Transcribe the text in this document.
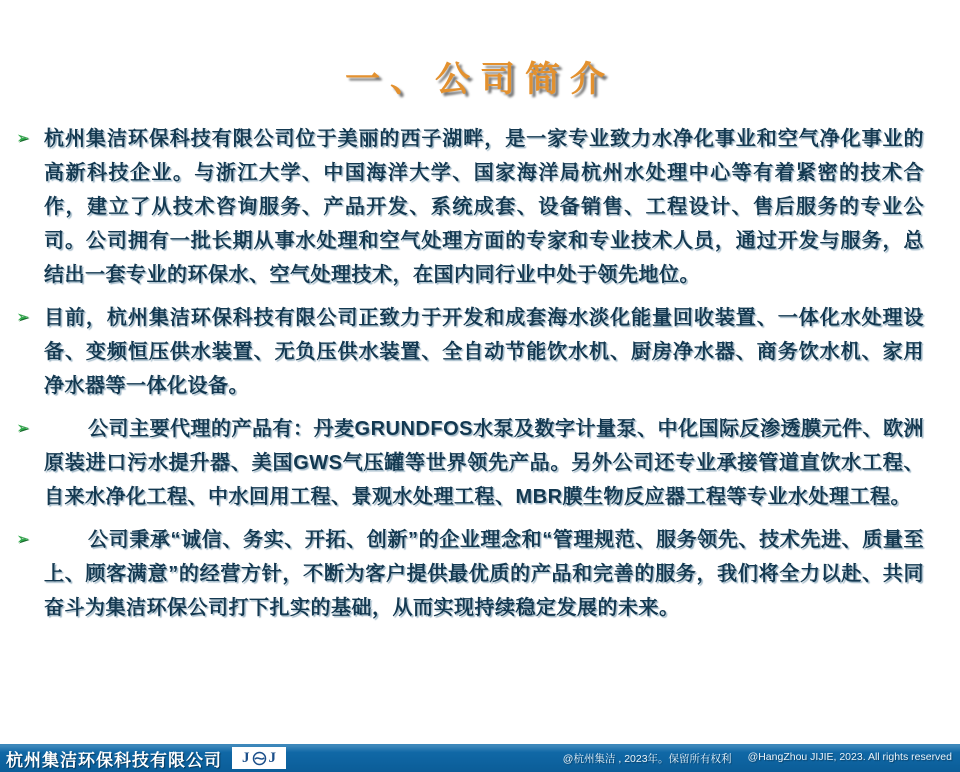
一、公司简介
➢ 杭州集洁环保科技有限公司位于美丽的西子湖畔，是一家专业致力水净化事业和空气净化事业的高新科技企业。与浙江大学、中国海洋大学、国家海洋局杭州水处理中心等有着紧密的技术合作，建立了从技术咨询服务、产品开发、系统成套、设备销售、工程设计、售后服务的专业公司。公司拥有一批长期从事水处理和空气处理方面的专家和专业技术人员，通过开发与服务，总结出一套专业的环保水、空气处理技术，在国内同行业中处于领先地位。
➢ 目前，杭州集洁环保科技有限公司正致力于开发和成套海水淡化能量回收装置、一体化水处理设备、变频恒压供水装置、无负压供水装置、全自动节能饮水机、厨房净水器、商务饮水机、家用净水器等一体化设备。
➢	公司主要代理的产品有：丹麦GRUNDFOS水泵及数字计量泵、中化国际反渗透膜元件、欧洲原装进口污水提升器、美国GWS气压罐等世界领先产品。另外公司还专业承接管道直饮水工程、自来水净化工程、中水回用工程、景观水处理工程、MBR膜生物反应器工程等专业水处理工程。
➢	公司秉承“诚信、务实、开拓、创新”的企业理念和“管理规范、服务领先、技术先进、质量至上、顾客满意”的经营方针，不断为客户提供最优质的产品和完善的服务，我们将全力以赴、共同奋斗为集洁环保公司打下扎实的基础，从而实现持续稳定发展的未来。
杭州集洁环保科技有限公司 J J	@杭州集洁 , 2023年。保留所有权利 @HangZhou JIJIE, 2023. All rights reserved
